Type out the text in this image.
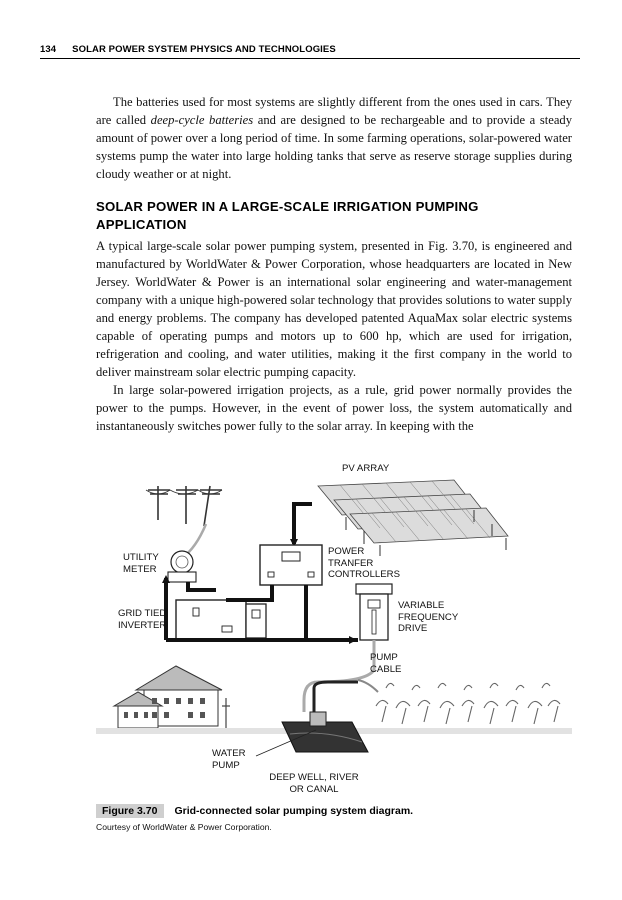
134 SOLAR POWER SYSTEM PHYSICS AND TECHNOLOGIES

The batteries used for most systems are slightly different from the ones used in cars. They are called deep-cycle batteries and are designed to be rechargeable and to provide a steady amount of power over a long period of time. In some farming operations, solar-powered water systems pump the water into large holding tanks that serve as reserve storage supplies during cloudy weather or at night.

SOLAR POWER IN A LARGE-SCALE IRRIGATION PUMPING APPLICATION

A typical large-scale solar power pumping system, presented in Fig. 3.70, is engineered and manufactured by WorldWater & Power Corporation, whose headquarters are located in New Jersey. WorldWater & Power is an international solar engineering and water-management company with a unique high-powered solar technology that provides solutions to water supply and energy problems. The company has developed patented AquaMax solar electric systems capable of operating pumps and motors up to 600 hp, which are used for irrigation, refrigeration and cooling, and water utilities, making it the first company in the world to deliver mainstream solar electric pumping capacity.

In large solar-powered irrigation projects, as a rule, grid power normally provides the power to the pumps. However, in the event of power loss, the system automatically and instantaneously switches power fully to the solar array. In keeping with the

PV ARRAY
UTILITY
METER
POWER
TRANFER
CONTROLLERS
GRID TIED
INVERTER
VARIABLE
FREQUENCY
DRIVE
PUMP
CABLE
WATER
PUMP
DEEP WELL, RIVER
OR CANAL
Figure 3.70 Grid-connected solar pumping system diagram.
Courtesy of WorldWater & Power Corporation.
